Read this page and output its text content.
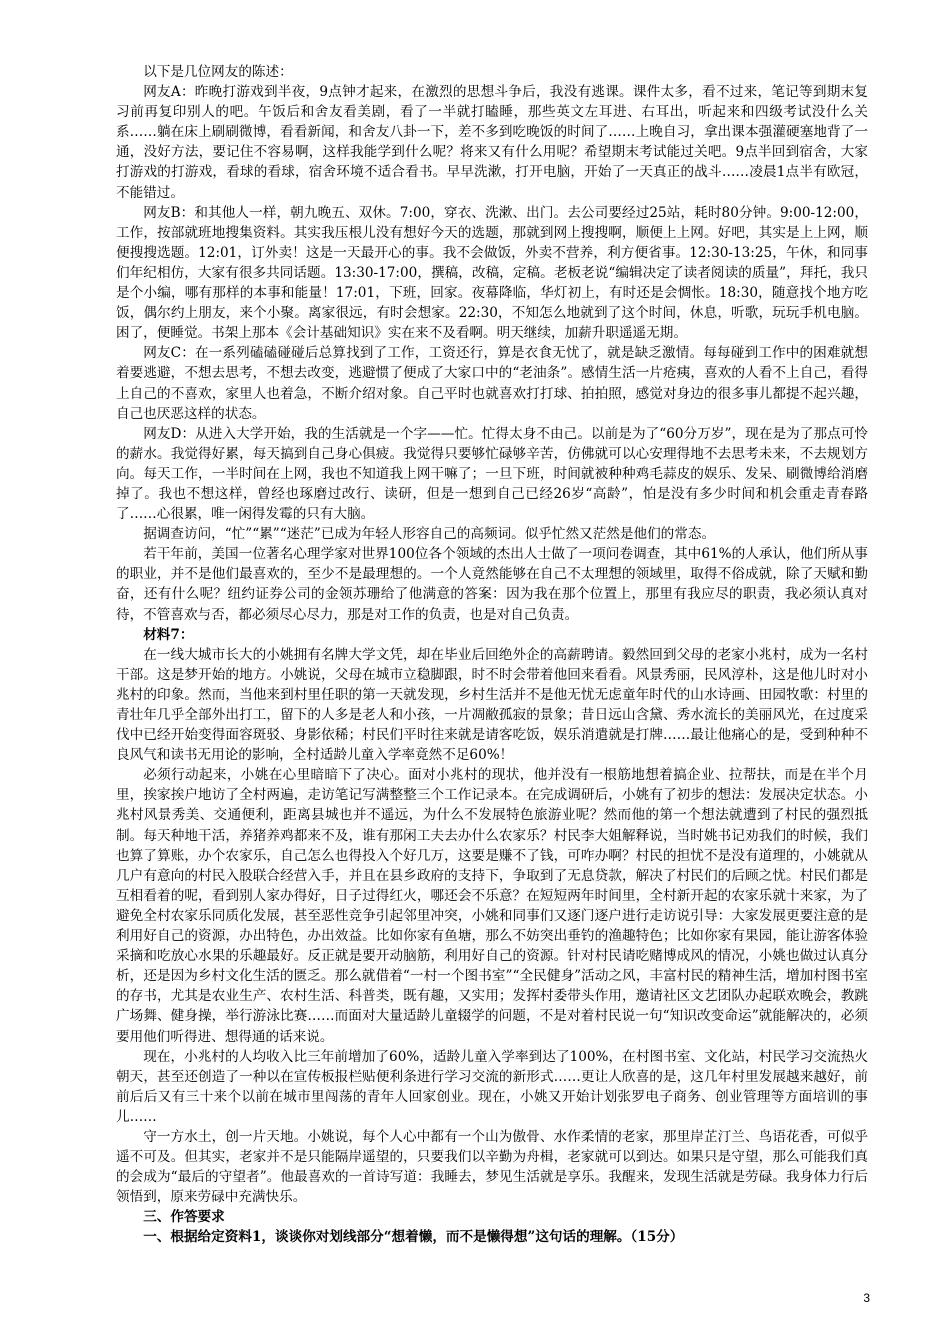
以下是几位网友的陈述：

网友A：昨晚打游戏到半夜，9点钟才起来，在激烈的思想斗争后，我没有逃课。课件太多，看不过来，笔记等到期末复习前再复印别人的吧。午饭后和舍友看美剧，看了一半就打瞌睡，那些英文左耳进、右耳出，听起来和四级考试没什么关系……躺在床上刷刷微博，看看新闻，和舍友八卦一下，差不多到吃晚饭的时间了……上晚自习，拿出课本强灌硬塞地背了一通，没好方法，要记住不容易啊，这样我能学到什么呢？将来又有什么用呢？希望期末考试能过关吧。9点半回到宿舍，大家打游戏的打游戏，看球的看球，宿舍环境不适合看书。早早洗漱，打开电脑，开始了一天真正的战斗……凌晨1点半有欧冠，不能错过。

网友B：和其他人一样，朝九晚五、双休。7:00，穿衣、洗漱、出门。去公司要经过25站，耗时80分钟。9:00-12:00，工作，按部就班地搜集资料。其实我压根儿没有想好今天的选题，那就到网上搜搜啊，顺便上上网。好吧，其实是上上网，顺便搜搜选题。12:01，订外卖！这是一天最开心的事。我不会做饭，外卖不营养，利方便省事。12:30-13:25，午休，和同事们年纪相仿，大家有很多共同话题。13:30-17:00，撰稿，改稿，定稿。老板老说“编辑决定了读者阅读的质量”，拜托，我只是个小编，哪有那样的本事和能量！17:01，下班，回家。夜幕降临，华灯初上，有时还是会惆怅。18:30，随意找个地方吃饭，偶尔约上朋友，来个小聚。离家很远，有时会想家。22:30，不知怎么地就到了这个时间，休息，听歌，玩玩手机电脑。困了，便睡觉。书架上那本《会计基础知识》实在来不及看啊。明天继续，加薪升职遥遥无期。

网友C：在一系列磕磕碰碰后总算找到了工作，工资还行，算是衣食无忧了，就是缺乏激情。每每碰到工作中的困难就想着要逃避，不想去思考，不想去改变，逃避惯了便成了大家口中的“老油条”。感情生活一片疮痍，喜欢的人看不上自己，看得上自己的不喜欢，家里人也着急，不断介绍对象。自己平时也就喜欢打打球、拍拍照，感觉对身边的很多事儿都提不起兴趣，自己也厌恶这样的状态。

网友D：从进入大学开始，我的生活就是一个字——忙。忙得太身不由己。以前是为了“60分万岁”，现在是为了那点可怜的薪水。我觉得好累，每天搞到自己身心俱疲。我觉得只要够忙碌够辛苦，仿佛就可以心安理得地不去思考未来，不去规划方向。每天工作，一半时间在上网，我也不知道我上网干嘛了；一旦下班，时间就被种种鸡毛蒜皮的娱乐、发呆、刷微博给消磨掉了。我也不想这样，曾经也琢磨过改行、读研，但是一想到自己已经26岁“高龄”，怕是没有多少时间和机会重走青春路了……心很累，唯一闲得发霉的只有大脑。

据调查访问，“忙”“累”“迷茫”已成为年轻人形容自己的高频词。似乎忙然又茫然是他们的常态。

若干年前，美国一位著名心理学家对世界100位各个领域的杰出人士做了一项问卷调查，其中61%的人承认，他们所从事的职业，并不是他们最喜欢的，至少不是最理想的。一个人竟然能够在自己不太理想的领域里，取得不俗成就，除了天赋和勤奋，还有什么呢？纽约证券公司的金领苏珊给了他满意的答案：因为我在那个位置上，那里有我应尽的职责，我必须认真对待，不管喜欢与否，都必须尽心尽力，那是对工作的负责，也是对自己负责。

材料7：

在一线大城市长大的小姚拥有名牌大学文凭，却在毕业后回绝外企的高薪聘请。毅然回到父母的老家小兆村，成为一名村干部。这是梦开始的地方。小姚说，父母在城市立稳脚跟，时不时会带着他回来看看。风景秀丽，民风淳朴，这是他儿时对小兆村的印象。然而，当他来到村里任职的第一天就发现，乡村生活并不是他无忧无虑童年时代的山水诗画、田园牧歌：村里的青壮年几乎全部外出打工，留下的人多是老人和小孩，一片凋敝孤寂的景象；昔日远山含黛、秀水流长的美丽风光，在过度采伐中已经开始变得面容斑驳、身影依稀；村民们平时往来就是请客吃饭，娱乐消遣就是打牌……最让他痛心的是，受到种种不良风气和读书无用论的影响，全村适龄儿童入学率竟然不足60%！

必须行动起来，小姚在心里暗暗下了决心。面对小兆村的现状，他并没有一根筋地想着搞企业、拉帮扶，而是在半个月里，挨家挨户地访了全村两遍，走访笔记写满整整三个工作记录本。在完成调研后，小姚有了初步的想法：发展决定状态。小兆村风景秀美、交通便利，距离县城也并不遥远，为什么不发展特色旅游业呢？然而他的第一个想法就遭到了村民的强烈抵制。每天种地干活，养猪养鸡都来不及，谁有那闲工夫去办什么农家乐？村民李大姐解释说，当时姚书记劝我们的时候，我们也算了算账，办个农家乐，自己怎么也得投入个好几万，这要是赚不了钱，可咋办啊？村民的担忧不是没有道理的，小姚就从几户有意向的村民入股联合经营入手，并且在县乡政府的支持下，争取到了无息贷款，解决了村民们的后顾之忧。村民们都是互相看着的呢，看到别人家办得好，日子过得红火，哪还会不乐意？在短短两年时间里，全村新开起的农家乐就十来家，为了避免全村农家乐同质化发展，甚至恶性竞争引起邻里冲突，小姚和同事们又逐门逐户进行走访说引导：大家发展更要注意的是利用好自己的资源，办出特色，办出效益。比如你家有鱼塘，那么不妨突出垂钓的渔趣特色；比如你家有果园，能让游客体验采摘和吃放心水果的乐趣最好。反正就是要开动脑筋，利用好自己的资源。针对村民请吃赌博成风的情况，小姚也做过认真分析，还是因为乡村文化生活的匮乏。那么就借着“一村一个图书室”“全民健身”活动之风，丰富村民的精神生活，增加村图书室的存书，尤其是农业生产、农村生活、科普类，既有趣，又实用；发挥村委带头作用，邀请社区文艺团队办起联欢晚会，教跳广场舞、健身操，举行游泳比赛……而面对大量适龄儿童辍学的问题，不是对着村民说一句“知识改变命运”就能解决的，必须要用他们听得进、想得通的话来说。

现在，小兆村的人均收入比三年前增加了60%，适龄儿童入学率到达了100%，在村图书室、文化站，村民学习交流热火朝天，甚至还创造了一种以在宣传板报栏贴便利条进行学习交流的新形式……更让人欣喜的是，这几年村里发展越来越好，前前后后又有三十来个以前在城市里闯荡的青年人回家创业。现在，小姚又开始计划张罗电子商务、创业管理等方面培训的事儿……

守一方水土，创一片天地。小姚说，每个人心中都有一个山为傲骨、水作柔情的老家，那里岸芷汀兰、鸟语花香，可似乎遥不可及。但其实，老家并不是只能隔岸遥望的，只要我们以辛勤为舟楫，老家就可以到达。如果只是守望，那么可能我们真的会成为“最后的守望者”。他最喜欢的一首诗写道：我睡去，梦见生活就是享乐。我醒来，发现生活就是劳碌。我身体力行后领悟到，原来劳碌中充满快乐。

三、作答要求
一、根据给定资料1，谈谈你对划线部分“想着懒，而不是懒得想”这句话的理解。（15分）
3
